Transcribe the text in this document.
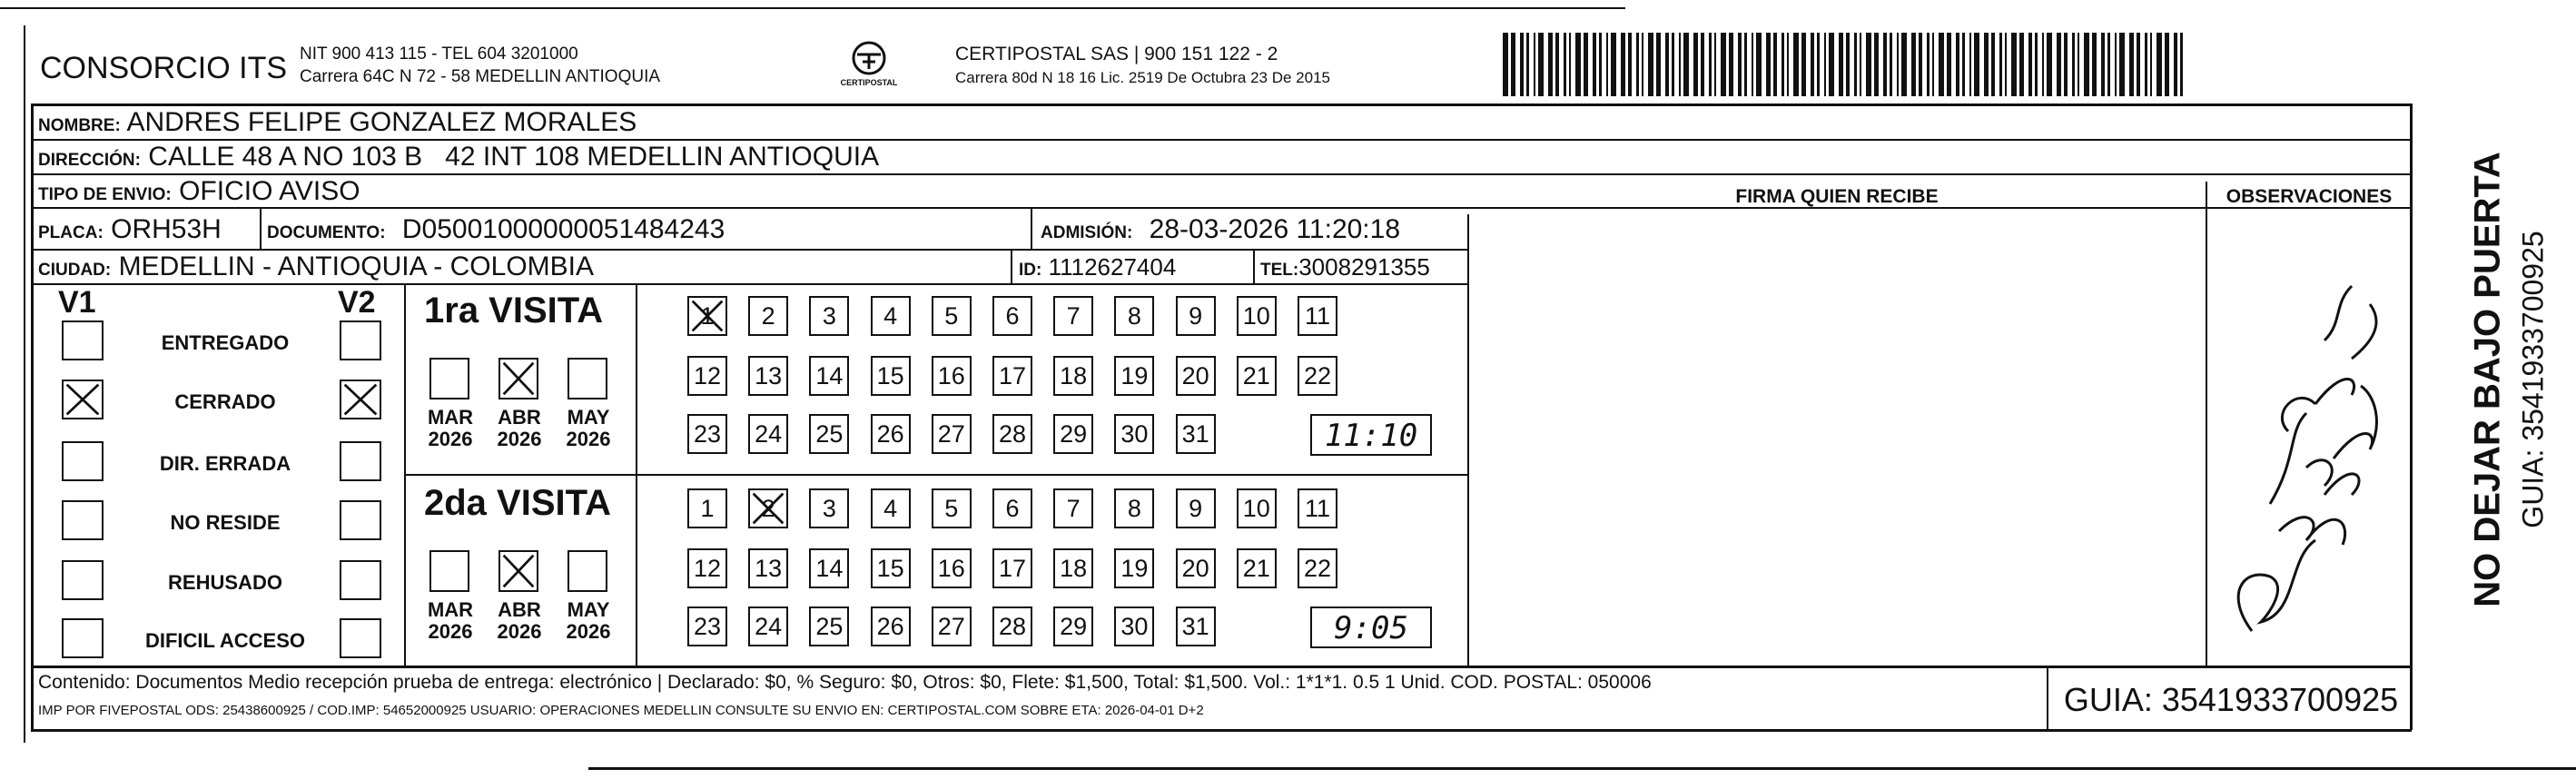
CONSORCIO ITS NIT 900 413 115 - TEL 604 3201000
Carrera 64C N 72 - 58 MEDELLIN ANTIOQUIA	CERTIPOSTAL
CERTIPOSTAL SAS | 900 151 122 - 2
Carrera 80d N 18 16 Lic. 2519 De Octubra 23 De 2015
NOMBRE: ANDRES FELIPE GONZALEZ MORALES
DIRECCIÓN: CALLE 48 A NO 103 B   42 INT 108 MEDELLIN ANTIOQUIA
TIPO DE ENVIO: OFICIO AVISO	FIRMA QUIEN RECIBE	OBSERVACIONES
PLACA: ORH53H	DOCUMENTO: D05001000000051484243	ADMISIÓN: 28-03-2026 11:20:18
CIUDAD: MEDELLIN - ANTIOQUIA - COLOMBIA	ID: 1112627404	TEL:3008291355
V1	V2
ENTREGADO
CERRADO
DIR. ERRADA
NO RESIDE
REHUSADO
DIFICIL ACCESO
1ra VISITA
MAR
2026
ABR
2026
MAY
2026
1	2	3	4	5	6	7	8	9	10 11
12 13 14 15 16 17 18 19 20 21 22
23 24 25 26 27 28 29 30 31	11:10
2da VISITA
MAR
2026
ABR
2026
MAY
2026
1	2	3	4	5	6	7	8	9	10 11
12 13 14 15 16 17 18 19 20 21 22
23 24 25 26 27 28 29 30 31	9:05
NO DEJAR BAJO PUERTA GUIA: 3541933700925
Contenido: Documentos Medio recepción prueba de entrega: electrónico | Declarado: $0, % Seguro: $0, Otros: $0, Flete: $1,500, Total: $1,500. Vol.: 1*1*1. 0.5 1 Unid. COD. POSTAL: 050006
IMP POR FIVEPOSTAL ODS: 25438600925 / COD.IMP: 54652000925 USUARIO: OPERACIONES MEDELLIN CONSULTE SU ENVIO EN: CERTIPOSTAL.COM SOBRE ETA: 2026-04-01 D+2	GUIA: 3541933700925
